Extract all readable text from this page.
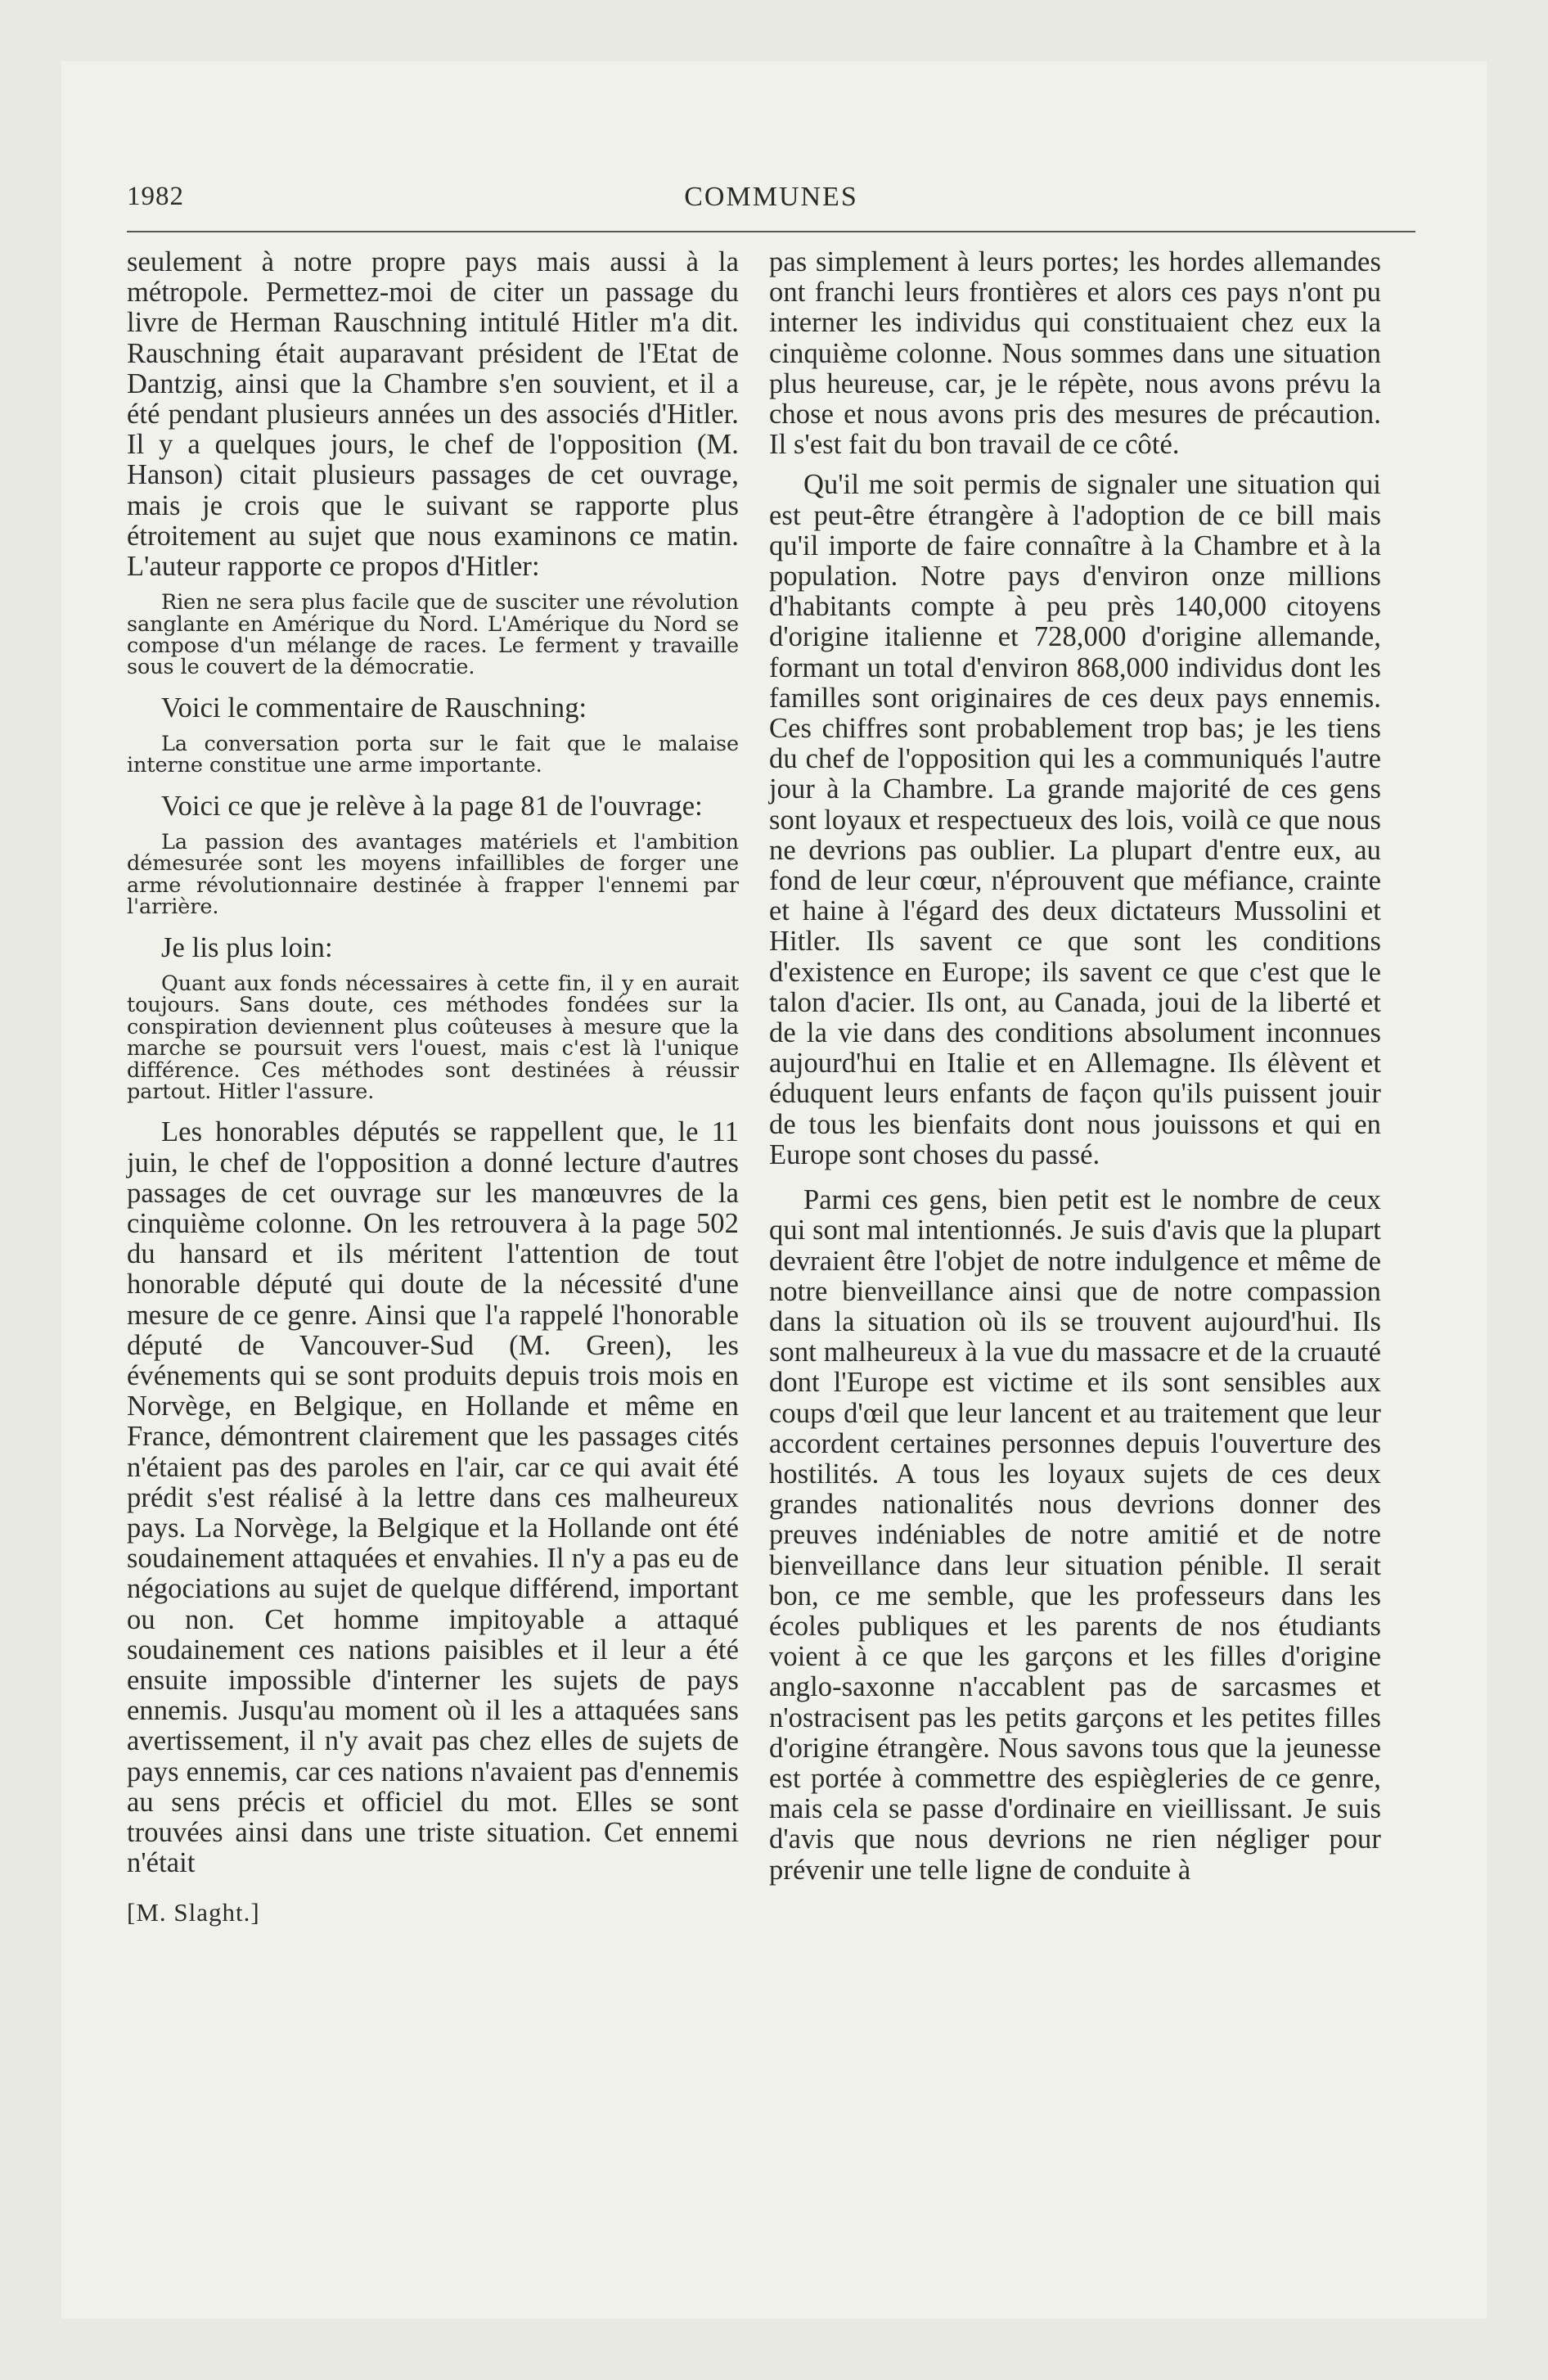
1982	COMMUNES

seulement à notre propre pays mais aussi à la métropole. Permettez-moi de citer un passage du livre de Herman Rauschning intitulé Hitler m'a dit. Rauschning était auparavant président de l'Etat de Dantzig, ainsi que la Chambre s'en souvient, et il a été pendant plusieurs années un des associés d'Hitler. Il y a quelques jours, le chef de l'opposition (M. Hanson) citait plusieurs passages de cet ouvrage, mais je crois que le suivant se rapporte plus étroitement au sujet que nous examinons ce matin. L'auteur rapporte ce propos d'Hitler:

Rien ne sera plus facile que de susciter une révolution sanglante en Amérique du Nord. L'Amérique du Nord se compose d'un mélange de races. Le ferment y travaille sous le couvert de la démocratie.

Voici le commentaire de Rauschning:

La conversation porta sur le fait que le malaise interne constitue une arme importante.

Voici ce que je relève à la page 81 de l'ouvrage:

La passion des avantages matériels et l'ambition démesurée sont les moyens infaillibles de forger une arme révolutionnaire destinée à frapper l'ennemi par l'arrière.

Je lis plus loin:

Quant aux fonds nécessaires à cette fin, il y en aurait toujours. Sans doute, ces méthodes fondées sur la conspiration deviennent plus coûteuses à mesure que la marche se poursuit vers l'ouest, mais c'est là l'unique différence. Ces méthodes sont destinées à réussir partout. Hitler l'assure.

Les honorables députés se rappellent que, le 11 juin, le chef de l'opposition a donné lecture d'autres passages de cet ouvrage sur les manœuvres de la cinquième colonne. On les retrouvera à la page 502 du hansard et ils méritent l'attention de tout honorable député qui doute de la nécessité d'une mesure de ce genre. Ainsi que l'a rappelé l'honorable député de Vancouver-Sud (M. Green), les événements qui se sont produits depuis trois mois en Norvège, en Belgique, en Hollande et même en France, démontrent clairement que les passages cités n'étaient pas des paroles en l'air, car ce qui avait été prédit s'est réalisé à la lettre dans ces malheureux pays. La Norvège, la Belgique et la Hollande ont été soudainement attaquées et envahies. Il n'y a pas eu de négociations au sujet de quelque différend, important ou non. Cet homme impitoyable a attaqué soudainement ces nations paisibles et il leur a été ensuite impossible d'interner les sujets de pays ennemis. Jusqu'au moment où il les a attaquées sans avertissement, il n'y avait pas chez elles de sujets de pays ennemis, car ces nations n'avaient pas d'ennemis au sens précis et officiel du mot. Elles se sont trouvées ainsi dans une triste situation. Cet ennemi n'était

[M. Slaght.]

pas simplement à leurs portes; les hordes allemandes ont franchi leurs frontières et alors ces pays n'ont pu interner les individus qui constituaient chez eux la cinquième colonne. Nous sommes dans une situation plus heureuse, car, je le répète, nous avons prévu la chose et nous avons pris des mesures de précaution. Il s'est fait du bon travail de ce côté.

Qu'il me soit permis de signaler une situation qui est peut-être étrangère à l'adoption de ce bill mais qu'il importe de faire connaître à la Chambre et à la population. Notre pays d'environ onze millions d'habitants compte à peu près 140,000 citoyens d'origine italienne et 728,000 d'origine allemande, formant un total d'environ 868,000 individus dont les familles sont originaires de ces deux pays ennemis. Ces chiffres sont probablement trop bas; je les tiens du chef de l'opposition qui les a communiqués l'autre jour à la Chambre. La grande majorité de ces gens sont loyaux et respectueux des lois, voilà ce que nous ne devrions pas oublier. La plupart d'entre eux, au fond de leur cœur, n'éprouvent que méfiance, crainte et haine à l'égard des deux dictateurs Mussolini et Hitler. Ils savent ce que sont les conditions d'existence en Europe; ils savent ce que c'est que le talon d'acier. Ils ont, au Canada, joui de la liberté et de la vie dans des conditions absolument inconnues aujourd'hui en Italie et en Allemagne. Ils élèvent et éduquent leurs enfants de façon qu'ils puissent jouir de tous les bienfaits dont nous jouissons et qui en Europe sont choses du passé.

Parmi ces gens, bien petit est le nombre de ceux qui sont mal intentionnés. Je suis d'avis que la plupart devraient être l'objet de notre indulgence et même de notre bienveillance ainsi que de notre compassion dans la situation où ils se trouvent aujourd'hui. Ils sont malheureux à la vue du massacre et de la cruauté dont l'Europe est victime et ils sont sensibles aux coups d'œil que leur lancent et au traitement que leur accordent certaines personnes depuis l'ouverture des hostilités. A tous les loyaux sujets de ces deux grandes nationalités nous devrions donner des preuves indéniables de notre amitié et de notre bienveillance dans leur situation pénible. Il serait bon, ce me semble, que les professeurs dans les écoles publiques et les parents de nos étudiants voient à ce que les garçons et les filles d'origine anglo-saxonne n'accablent pas de sarcasmes et n'ostracisent pas les petits garçons et les petites filles d'origine étrangère. Nous savons tous que la jeunesse est portée à commettre des espiègleries de ce genre, mais cela se passe d'ordinaire en vieillissant. Je suis d'avis que nous devrions ne rien négliger pour prévenir une telle ligne de conduite à
